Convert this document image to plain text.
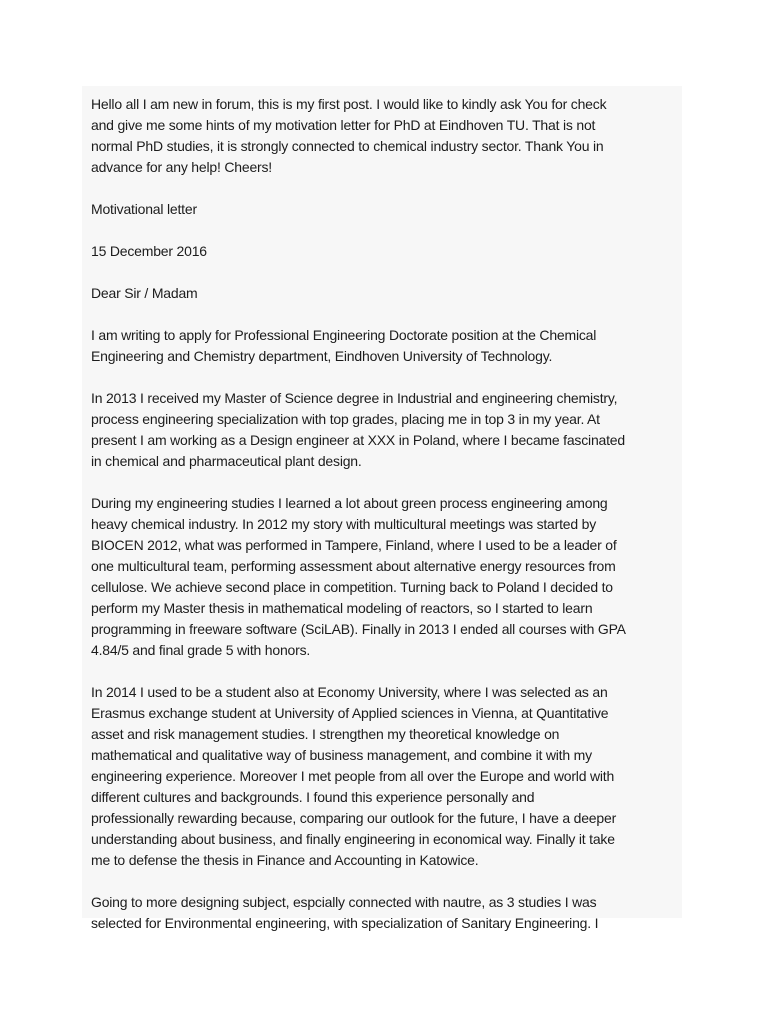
Hello all I am new in forum, this is my first post. I would like to kindly ask You for check
and give me some hints of my motivation letter for PhD at Eindhoven TU. That is not
normal PhD studies, it is strongly connected to chemical industry sector. Thank You in
advance for any help! Cheers!
Motivational letter
15 December 2016
Dear Sir / Madam
I am writing to apply for Professional Engineering Doctorate position at the Chemical
Engineering and Chemistry department, Eindhoven University of Technology.
In 2013 I received my Master of Science degree in Industrial and engineering chemistry,
process engineering specialization with top grades, placing me in top 3 in my year. At
present I am working as a Design engineer at XXX in Poland, where I became fascinated
in chemical and pharmaceutical plant design.
During my engineering studies I learned a lot about green process engineering among
heavy chemical industry. In 2012 my story with multicultural meetings was started by
BIOCEN 2012, what was performed in Tampere, Finland, where I used to be a leader of
one multicultural team, performing assessment about alternative energy resources from
cellulose. We achieve second place in competition. Turning back to Poland I decided to
perform my Master thesis in mathematical modeling of reactors, so I started to learn
programming in freeware software (SciLAB). Finally in 2013 I ended all courses with GPA
4.84/5 and final grade 5 with honors.
In 2014 I used to be a student also at Economy University, where I was selected as an
Erasmus exchange student at University of Applied sciences in Vienna, at Quantitative
asset and risk management studies. I strengthen my theoretical knowledge on
mathematical and qualitative way of business management, and combine it with my
engineering experience. Moreover I met people from all over the Europe and world with
different cultures and backgrounds. I found this experience personally and
professionally rewarding because, comparing our outlook for the future, I have a deeper
understanding about business, and finally engineering in economical way. Finally it take
me to defense the thesis in Finance and Accounting in Katowice.
Going to more designing subject, espcially connected with nautre, as 3 studies I was
selected for Environmental engineering, with specialization of Sanitary Engineering. I
